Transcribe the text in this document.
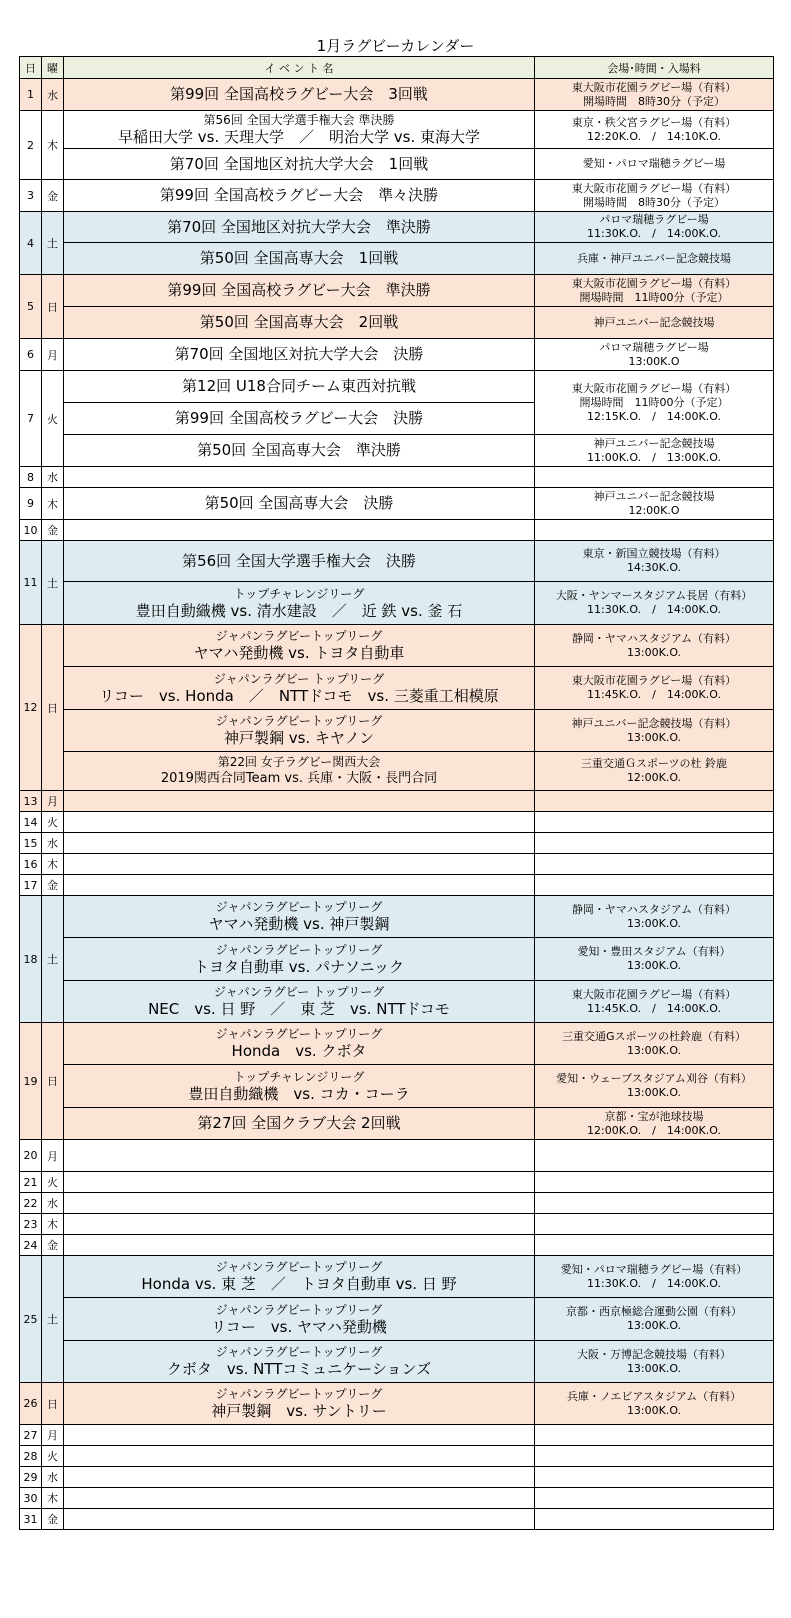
1月ラグビーカレンダー
日	曜	イ ベ ン ト 名	会場･時間・入場料
1	水	第99回 全国高校ラグビー大会　3回戦	東大阪市花園ラグビー場（有料）
開場時間　8時30分（予定）

2	木	第56回 全国大学選手権大会 準決勝
早稲田大学 vs. 天理大学　／　明治大学 vs. 東海大学	東京・秩父宮ラグビー場（有料）
12:20K.O.　/　14:10K.O.

		第70回 全国地区対抗大学大会　1回戦	愛知・パロマ瑞穂ラグビー場

3	金	第99回 全国高校ラグビー大会　準々決勝	東大阪市花園ラグビー場（有料）
開場時間　8時30分（予定）

4	土	第70回 全国地区対抗大学大会　準決勝	パロマ瑞穂ラグビー場
11:30K.O.　/　14:00K.O.

		第50回 全国高専大会　1回戦	兵庫・神戸ユニバー記念競技場

5	日	第99回 全国高校ラグビー大会　準決勝	東大阪市花園ラグビー場（有料）
開場時間　11時00分（予定）

		第50回 全国高専大会　2回戦	神戸ユニバー記念競技場

6	月	第70回 全国地区対抗大学大会　決勝	パロマ瑞穂ラグビー場
13:00K.O

7	火	第12回 U18合同チーム東西対抗戦	東大阪市花園ラグビー場（有料）
開場時間　11時00分（予定）
12:15K.O.　/　14:00K.O.

		第99回 全国高校ラグビー大会　決勝	

		第50回 全国高専大会　準決勝	神戸ユニバー記念競技場
11:00K.O.　/　13:00K.O.

8	水		
9	木	第50回 全国高専大会　決勝	神戸ユニバー記念競技場
12:00K.O

10	金		
11	土	第56回 全国大学選手権大会　決勝	東京・新国立競技場（有料）
14:30K.O.

		トップチャレンジリーグ
豊田自動織機 vs. 清水建設　／　近 鉄 vs. 釜 石	大阪・ヤンマースタジアム長居（有料）
11:30K.O.　/　14:00K.O.

12	日	ジャパンラグビートップリーグ
ヤマハ発動機 vs. トヨタ自動車	静岡・ヤマハスタジアム（有料）
13:00K.O.

		ジャパンラグビー トップリーグ
リコー　vs. Honda　／　NTTドコモ　vs. 三菱重工相模原	東大阪市花園ラグビー場（有料）
11:45K.O.　/　14:00K.O.

		ジャパンラグビートップリーグ
神戸製鋼 vs. キヤノン	神戸ユニバー記念競技場（有料）
13:00K.O.

		第22回 女子ラグビー関西大会
2019関西合同Team vs. 兵庫・大阪・長門合同	三重交通Ｇスポーツの杜 鈴鹿
12:00K.O.

13	月		
14	火		
15	水		
16	木		
17	金		
18	土	ジャパンラグビートップリーグ
ヤマハ発動機 vs. 神戸製鋼	静岡・ヤマハスタジアム（有料）
13:00K.O.

		ジャパンラグビートップリーグ
トヨタ自動車 vs. パナソニック	愛知・豊田スタジアム（有料）
13:00K.O.

		ジャパンラグビー トップリーグ
NEC　vs. 日 野　／　東 芝　vs. NTTドコモ	東大阪市花園ラグビー場（有料）
11:45K.O.　/　14:00K.O.

19	日	ジャパンラグビートップリーグ
Honda　vs. クボタ	三重交通Gスポーツの杜鈴鹿（有料）
13:00K.O.

		トップチャレンジリーグ
豊田自動織機　vs. コカ・コーラ	愛知・ウェーブスタジアム刈谷（有料）
13:00K.O.

		第27回 全国クラブ大会 2回戦	京都・宝が池球技場
12:00K.O.　/　14:00K.O.

20	月		
21	火		
22	水		
23	木		
24	金		
25	土	ジャパンラグビートップリーグ
Honda vs. 東 芝　／　トヨタ自動車 vs. 日 野	愛知・パロマ瑞穂ラグビー場（有料）
11:30K.O.　/　14:00K.O.

		ジャパンラグビートップリーグ
リコー　vs. ヤマハ発動機	京都・西京極総合運動公園（有料）
13:00K.O.

		ジャパンラグビートップリーグ
クボタ　vs. NTTコミュニケーションズ	大阪・万博記念競技場（有料）
13:00K.O.

26	日	ジャパンラグビートップリーグ
神戸製鋼　vs. サントリー	兵庫・ノエビアスタジアム（有料）
13:00K.O.

27	月		
28	火		
29	水		
30	木		
31	金		
